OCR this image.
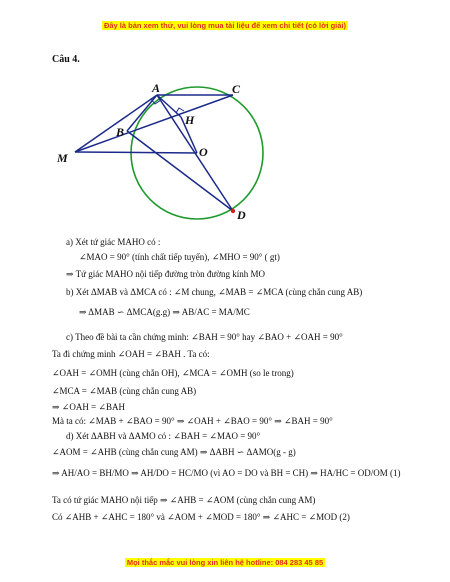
Đây là bản xem thử, vui lòng mua tài liệu để xem chi tiết (có lời giải)
Câu 4.
A	C
B
H
O
M
D
a) Xét tứ giác MAHO có :
∠MAO = 90° (tính chất tiếp tuyến), ∠MHO = 90° ( gt)
⇒ Tứ giác MAHO nội tiếp đường tròn đường kính MO
b) Xét ΔMAB và ΔMCA có : ∠M chung, ∠MAB = ∠MCA (cùng chắn cung AB)
⇒ ΔMAB ∽ ΔMCA(g.g) ⇒ AB/AC = MA/MC
c) Theo đề bài ta cần chứng minh: ∠BAH = 90° hay ∠BAO + ∠OAH = 90°
Ta đi chứng minh ∠OAH = ∠BAH . Ta có:
∠OAH = ∠OMH (cùng chắn OH), ∠MCA = ∠OMH (so le trong)
∠MCA = ∠MAB (cùng chắn cung AB)
⇒ ∠OAH = ∠BAH
Mà ta có: ∠MAB + ∠BAO = 90° ⇒ ∠OAH + ∠BAO = 90° ⇒ ∠BAH = 90°
d) Xét ΔABH và ΔAMO có : ∠BAH = ∠MAO = 90°
∠AOM = ∠AHB (cùng chắn cung AM) ⇒ ΔABH ∽ ΔAMO(g - g)
⇒ AH/AO = BH/MO ⇒ AH/DO = HC/MO (vì AO = DO và BH = CH) ⇒ HA/HC = OD/OM (1)
Ta có tứ giác MAHO nội tiếp ⇒ ∠AHB = ∠AOM (cùng chắn cung AM)
Có ∠AHB + ∠AHC = 180° và ∠AOM + ∠MOD = 180° ⇒ ∠AHC = ∠MOD (2)
Mọi thắc mắc vui lòng xin liên hệ hotline: 084 283 45 85
